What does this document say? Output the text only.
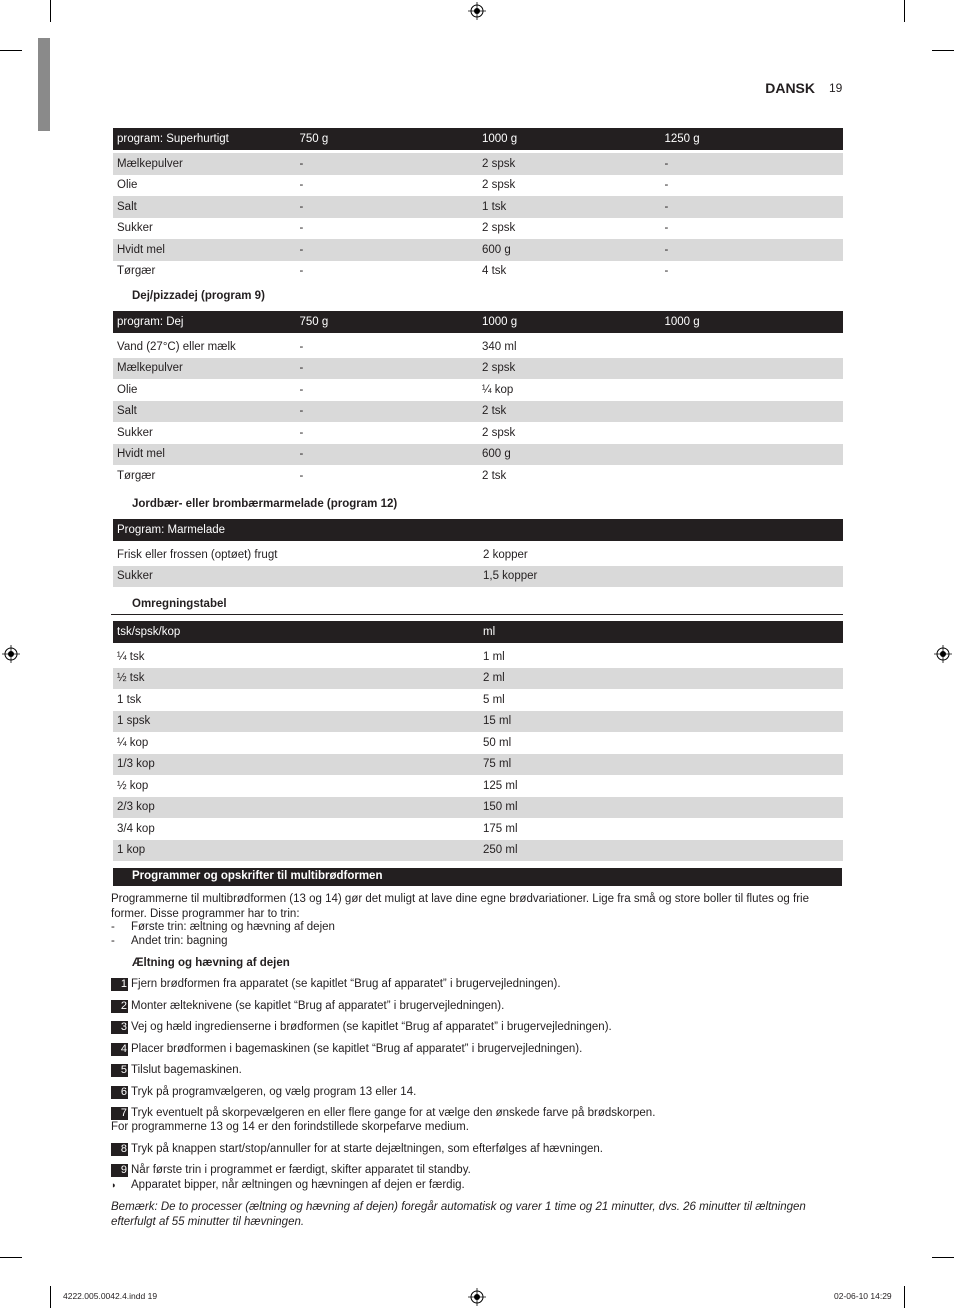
DANSK 19
program: Superhurtigt	750 g	1000 g	1250 g

Mælkepulver	-	2 spsk	-
Olie	-	2 spsk	-
Salt	-	1 tsk	-
Sukker	-	2 spsk	-
Hvidt mel	-	600 g	-
Tørgær	-	4 tsk	-
Dej/pizzadej (program 9)
program: Dej	750 g	1000 g	1000 g

Vand (27°C) eller mælk	-	340 ml	
Mælkepulver	-	2 spsk	
Olie	-	¼ kop	
Salt	-	2 tsk	
Sukker	-	2 spsk	
Hvidt mel	-	600 g	
Tørgær	-	2 tsk	
Jordbær- eller brombærmarmelade (program 12)
Program: Marmelade	

Frisk eller frossen (optøet) frugt	2 kopper
Sukker	1,5 kopper
Omregningstabel
tsk/spsk/kop	ml

¼ tsk	1 ml
½ tsk	2 ml
1 tsk	5 ml
1 spsk	15 ml
¼ kop	50 ml
1/3 kop	75 ml
½ kop	125 ml
2/3 kop	150 ml
3/4 kop	175 ml
1 kop	250 ml
Programmer og opskrifter til multibrødformen
Programmerne til multibrødformen (13 og 14) gør det muligt at lave dine egne brødvariationer. Lige fra små og store boller til flutes og frie former. Disse programmer har to trin:
- Første trin: æltning og hævning af dejen
- Andet trin: bagning
Æltning og hævning af dejen
1 Fjern brødformen fra apparatet (se kapitlet “Brug af apparatet” i brugervejledningen).
2 Monter ælteknivene (se kapitlet “Brug af apparatet” i brugervejledningen).
3 Vej og hæld ingredienserne i brødformen (se kapitlet “Brug af apparatet” i brugervejledningen).
4 Placer brødformen i bagemaskinen (se kapitlet “Brug af apparatet” i brugervejledningen).
5 Tilslut bagemaskinen.
6 Tryk på programvælgeren, og vælg program 13 eller 14.
7 Tryk eventuelt på skorpevælgeren en eller flere gange for at vælge den ønskede farve på brødskorpen.
For programmerne 13 og 14 er den forindstillede skorpefarve medium.
8 Tryk på knappen start/stop/annuller for at starte dejæltningen, som efterfølges af hævningen.
9 Når første trin i programmet er færdigt, skifter apparatet til standby.
◗ Apparatet bipper, når æltningen og hævningen af dejen er færdig.
Bemærk: De to processer (æltning og hævning af dejen) foregår automatisk og varer 1 time og 21 minutter, dvs. 26 minutter til æltningen efterfulgt af 55 minutter til hævningen.
4222.005.0042.4.indd 19	02-06-10 14:29
